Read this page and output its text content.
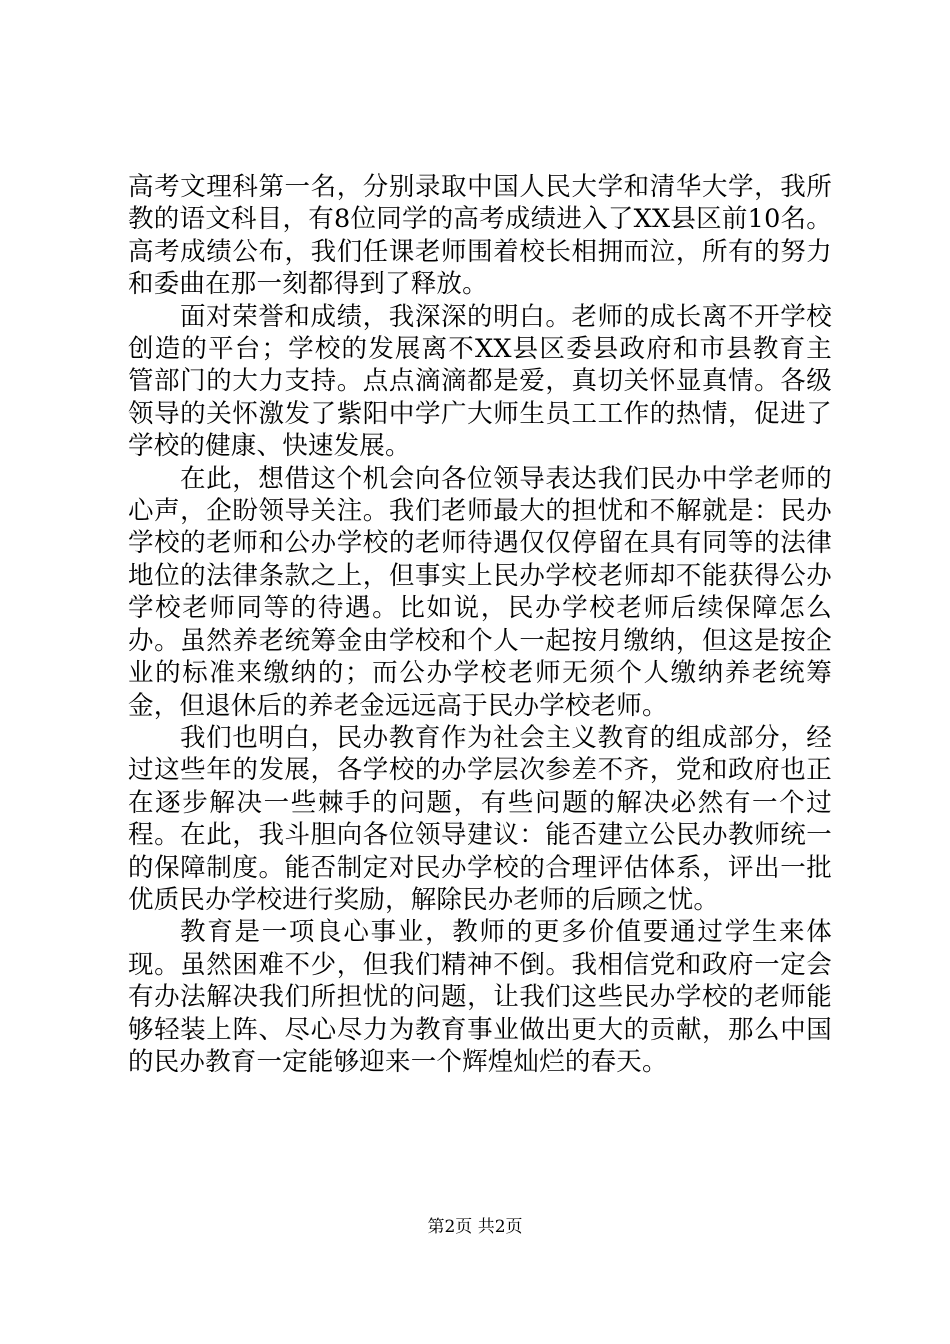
高考文理科第一名，分别录取中国人民大学和清华大学，我所教的语文科目，有8位同学的高考成绩进入了XX县区前10名。高考成绩公布，我们任课老师围着校长相拥而泣，所有的努力和委曲在那一刻都得到了释放。

面对荣誉和成绩，我深深的明白。老师的成长离不开学校创造的平台；学校的发展离不XX县区委县政府和市县教育主管部门的大力支持。点点滴滴都是爱，真切关怀显真情。各级领导的关怀激发了紫阳中学广大师生员工工作的热情，促进了学校的健康、快速发展。

在此，想借这个机会向各位领导表达我们民办中学老师的心声，企盼领导关注。我们老师最大的担忧和不解就是：民办学校的老师和公办学校的老师待遇仅仅停留在具有同等的法律地位的法律条款之上，但事实上民办学校老师却不能获得公办学校老师同等的待遇。比如说，民办学校老师后续保障怎么办。虽然养老统筹金由学校和个人一起按月缴纳，但这是按企业的标准来缴纳的；而公办学校老师无须个人缴纳养老统筹金，但退休后的养老金远远高于民办学校老师。

我们也明白，民办教育作为社会主义教育的组成部分，经过这些年的发展，各学校的办学层次参差不齐，党和政府也正在逐步解决一些棘手的问题，有些问题的解决必然有一个过程。在此，我斗胆向各位领导建议：能否建立公民办教师统一的保障制度。能否制定对民办学校的合理评估体系，评出一批优质民办学校进行奖励，解除民办老师的后顾之忧。

教育是一项良心事业，教师的更多价值要通过学生来体现。虽然困难不少，但我们精神不倒。我相信党和政府一定会有办法解决我们所担忧的问题，让我们这些民办学校的老师能够轻装上阵、尽心尽力为教育事业做出更大的贡献，那么中国的民办教育一定能够迎来一个辉煌灿烂的春天。

第2页 共2页
